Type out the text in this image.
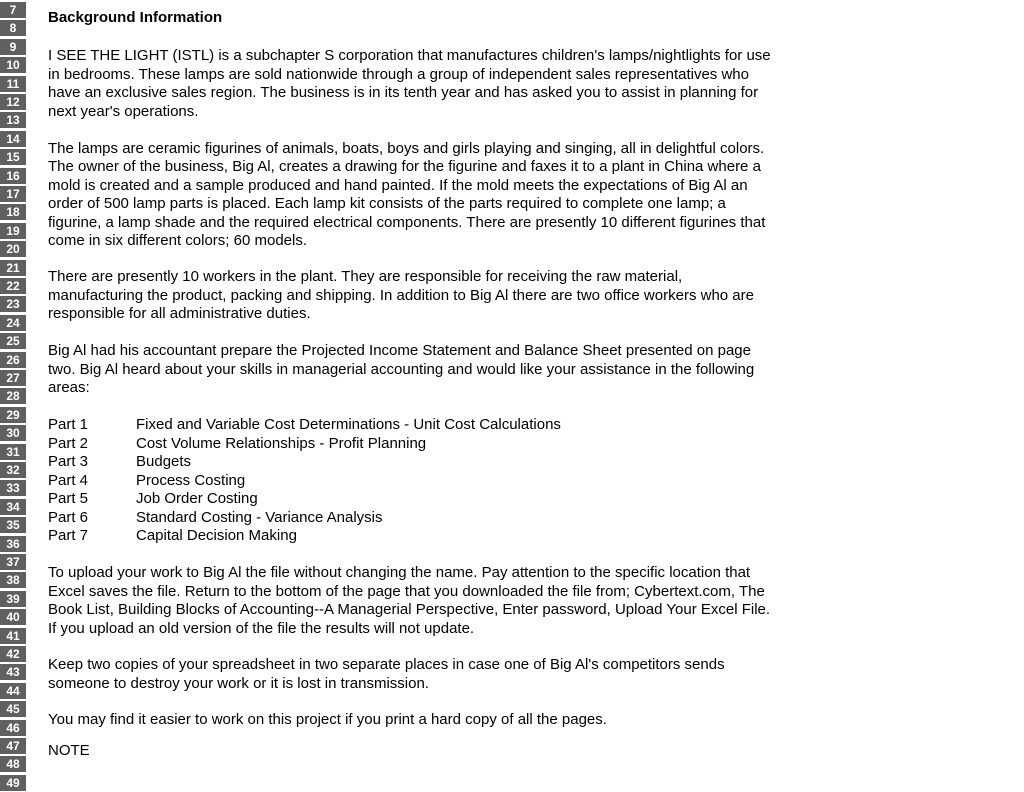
7
8
9
10
11
12
13
14
15
16
17
18
19
20
21
22
23
24
25
26
27
28
29
30
31
32
33
34
35
36
37
38
39
40
41
42
43
44
45
46
47
48
49
Background Information
I SEE THE LIGHT (ISTL) is a subchapter S corporation that manufactures children's lamps/nightlights for use
in bedrooms. These lamps are sold nationwide through a group of independent sales representatives who
have an exclusive sales region. The business is in its tenth year and has asked you to assist in planning for
next year's operations.
The lamps are ceramic figurines of animals, boats, boys and girls playing and singing, all in delightful colors.
The owner of the business, Big Al, creates a drawing for the figurine and faxes it to a plant in China where a
mold is created and a sample produced and hand painted. If the mold meets the expectations of Big Al an
order of 500 lamp parts is placed. Each lamp kit consists of the parts required to complete one lamp; a
figurine, a lamp shade and the required electrical components. There are presently 10 different figurines that
come in six different colors; 60 models.
There are presently 10 workers in the plant. They are responsible for receiving the raw material,
manufacturing the product, packing and shipping. In addition to Big Al there are two office workers who are
responsible for all administrative duties.
Big Al had his accountant prepare the Projected Income Statement and Balance Sheet presented on page
two. Big Al heard about your skills in managerial accounting and would like your assistance in the following
areas:
Part 1	Fixed and Variable Cost Determinations - Unit Cost Calculations
Part 2	Cost Volume Relationships - Profit Planning
Part 3	Budgets
Part 4	Process Costing
Part 5	Job Order Costing
Part 6	Standard Costing - Variance Analysis
Part 7	Capital Decision Making
To upload your work to Big Al the file without changing the name. Pay attention to the specific location that
Excel saves the file. Return to the bottom of the page that you downloaded the file from; Cybertext.com, The
Book List, Building Blocks of Accounting--A Managerial Perspective, Enter password, Upload Your Excel File.
If you upload an old version of the file the results will not update.
Keep two copies of your spreadsheet in two separate places in case one of Big Al's competitors sends
someone to destroy your work or it is lost in transmission.
You may find it easier to work on this project if you print a hard copy of all the pages.
NOTE
